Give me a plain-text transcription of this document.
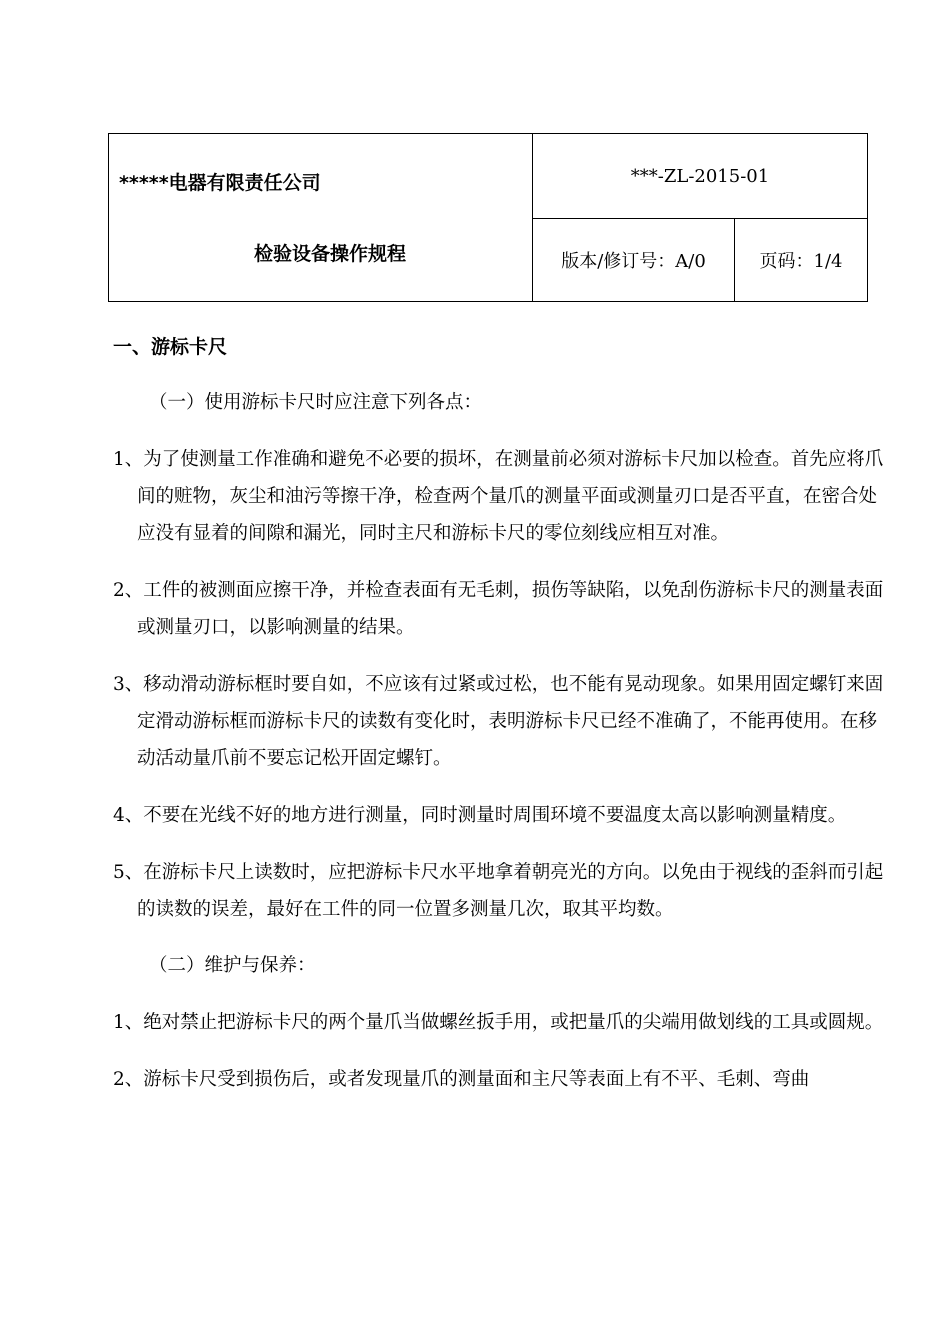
*****电器有限责任公司
检验设备操作规程
***-ZL-2015-01
版本/修订号：A/0	页码：1/4
一、游标卡尺
（一）使用游标卡尺时应注意下列各点：
1、为了使测量工作准确和避免不必要的损坏，在测量前必须对游标卡尺加以检查。首先应将爪间的赃物，灰尘和油污等擦干净，检查两个量爪的测量平面或测量刃口是否平直，在密合处应没有显着的间隙和漏光，同时主尺和游标卡尺的零位刻线应相互对准。
2、工件的被测面应擦干净，并检查表面有无毛刺，损伤等缺陷，以免刮伤游标卡尺的测量表面或测量刃口，以影响测量的结果。
3、移动滑动游标框时要自如，不应该有过紧或过松，也不能有晃动现象。如果用固定螺钉来固定滑动游标框而游标卡尺的读数有变化时，表明游标卡尺已经不准确了，不能再使用。在移动活动量爪前不要忘记松开固定螺钉。
4、不要在光线不好的地方进行测量，同时测量时周围环境不要温度太高以影响测量精度。
5、在游标卡尺上读数时，应把游标卡尺水平地拿着朝亮光的方向。以免由于视线的歪斜而引起的读数的误差，最好在工件的同一位置多测量几次，取其平均数。
（二）维护与保养：
1、绝对禁止把游标卡尺的两个量爪当做螺丝扳手用，或把量爪的尖端用做划线的工具或圆规。
2、游标卡尺受到损伤后，或者发现量爪的测量面和主尺等表面上有不平、毛刺、弯曲
